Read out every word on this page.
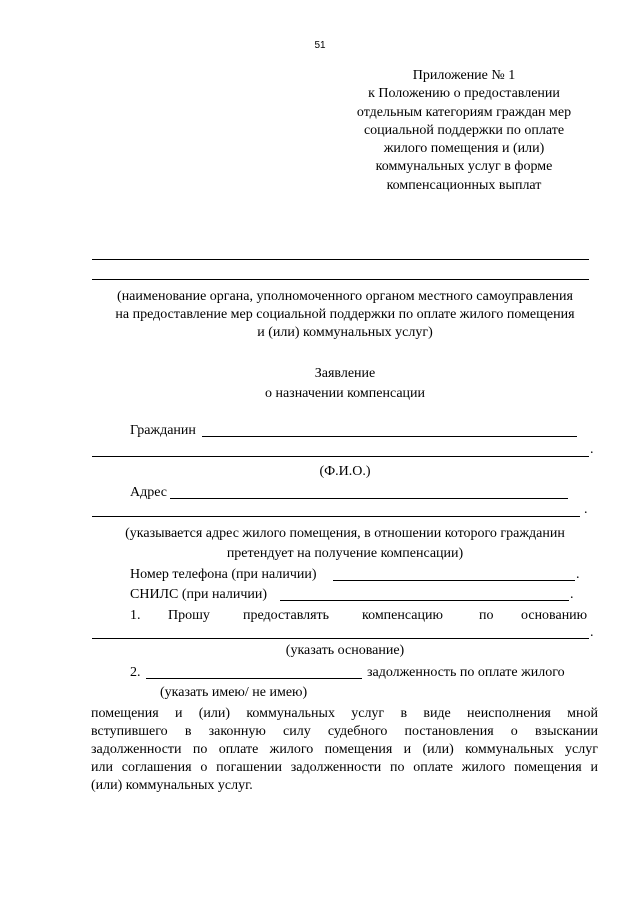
51
Приложение № 1
к Положению о предоставлении
отдельным категориям граждан мер
социальной поддержки по оплате
жилого помещения и (или)
коммунальных услуг в форме
компенсационных выплат
(наименование органа, уполномоченного органом местного самоуправления
на предоставление мер социальной поддержки по оплате жилого помещения
и (или) коммунальных услуг)
Заявление
о назначении компенсации
Гражданин
.
(Ф.И.О.)
Адрес
.
(указывается адрес жилого помещения, в отношении которого гражданин
претендует на получение компенсации)
Номер телефона (при наличии)	.
СНИЛС (при наличии)	.
1. Прошу предоставлять компенсацию	по основанию
.
(указать основание)
2.	задолженность по оплате жилого
(указать имею/ не имею)
помещения и (или) коммунальных услуг в виде неисполнения мной
вступившего в законную силу судебного постановления о взыскании
задолженности по оплате жилого помещения и (или) коммунальных услуг
или соглашения о погашении задолженности по оплате жилого помещения и
(или) коммунальных услуг.
